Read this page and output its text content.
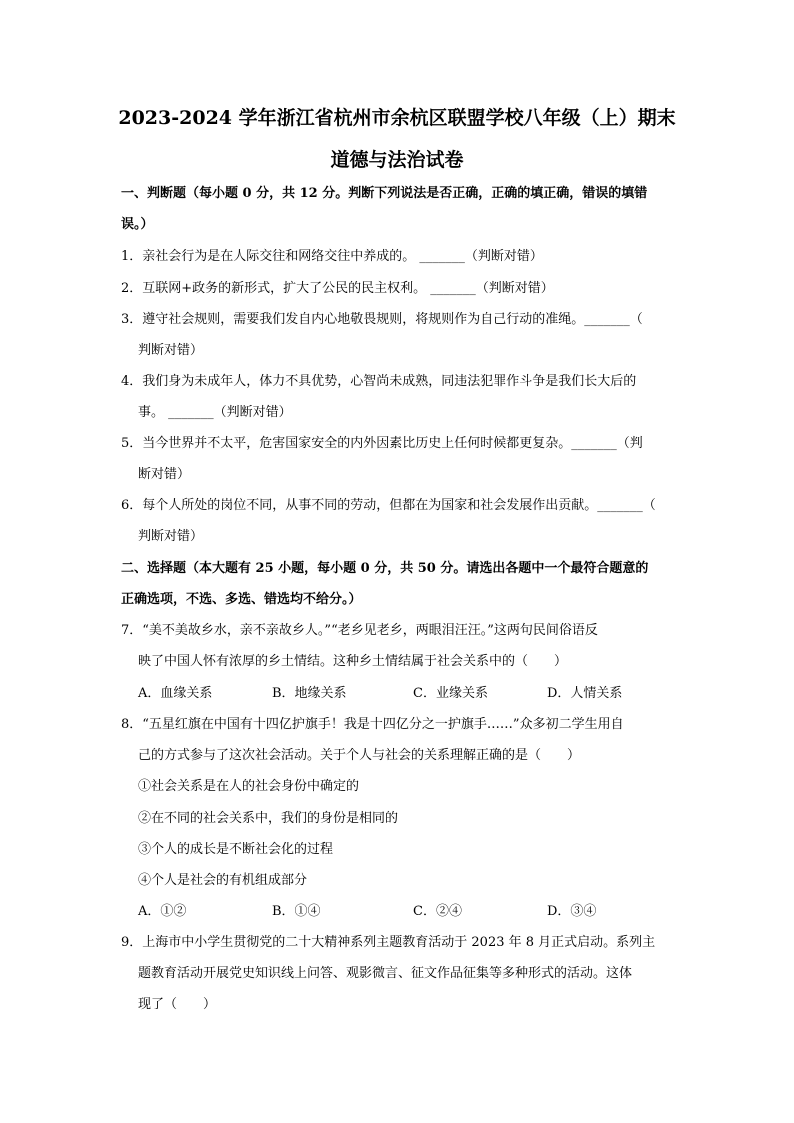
2023-2024 学年浙江省杭州市余杭区联盟学校八年级（上）期末
道德与法治试卷
一、判断题（每小题 0 分，共 12 分。判断下列说法是否正确，正确的填正确，错误的填错
误。）
1．亲社会行为是在人际交往和网络交往中养成的。 _______（判断对错）
2．互联网+政务的新形式，扩大了公民的民主权利。 _______（判断对错）
3．遵守社会规则，需要我们发自内心地敬畏规则，将规则作为自己行动的准绳。_______（
判断对错）
4．我们身为未成年人，体力不具优势，心智尚未成熟，同违法犯罪作斗争是我们长大后的
事。 _______（判断对错）
5．当今世界并不太平，危害国家安全的内外因素比历史上任何时候都更复杂。_______（判
断对错）
6．每个人所处的岗位不同，从事不同的劳动，但都在为国家和社会发展作出贡献。_______（
判断对错）
二、选择题（本大题有 25 小题，每小题 0 分，共 50 分。请选出各题中一个最符合题意的
正确选项，不选、多选、错选均不给分。）
7．“美不美故乡水，亲不亲故乡人。”“老乡见老乡，两眼泪汪汪。”这两句民间俗语反
映了中国人怀有浓厚的乡土情结。这种乡土情结属于社会关系中的（　　）
A．血缘关系	B．地缘关系	C．业缘关系	D．人情关系
8．“五星红旗在中国有十四亿护旗手！我是十四亿分之一护旗手……”众多初二学生用自
己的方式参与了这次社会活动。关于个人与社会的关系理解正确的是（　　）
①社会关系是在人的社会身份中确定的
②在不同的社会关系中，我们的身份是相同的
③个人的成长是不断社会化的过程
④个人是社会的有机组成部分
A．①②	B．①④	C．②④	D．③④
9．上海市中小学生贯彻党的二十大精神系列主题教育活动于 2023 年 8 月正式启动。系列主
题教育活动开展党史知识线上问答、观影微言、征文作品征集等多种形式的活动。这体
现了（　　）
